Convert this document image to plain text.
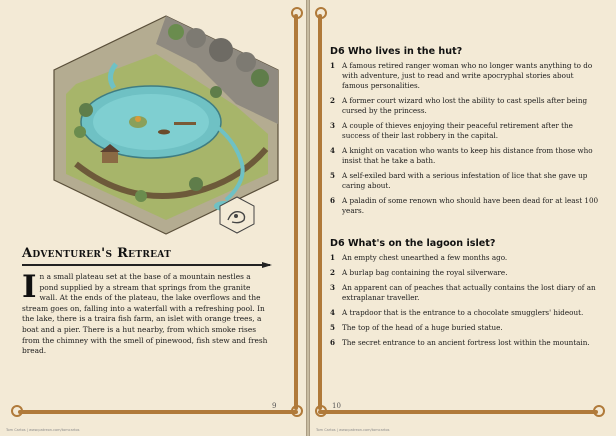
Adventurer's Retreat
In a small plateau set at the base of a mountain nestles a pond supplied by a stream that springs from the granite wall. At the ends of the plateau, the lake overflows and the stream goes on, falling into a waterfall with a refreshing pool. In the lake, there is a traira fish farm, an islet with orange trees, a boat and a pier. There is a hut nearby, from which smoke rises from the chimney with the smell of pinewood, fish stew and fresh bread.
9
Tom Cartos | www.patreon.com/tomcartos
D6 Who lives in the hut?
1 A famous retired ranger woman who no longer wants anything to do with adventure, just to read and write apocryphal stories about famous personalities.
2 A former court wizard who lost the ability to cast spells after being cursed by the princess.
3 A couple of thieves enjoying their peaceful retirement after the success of their last robbery in the capital.
4 A knight on vacation who wants to keep his distance from those who insist that he take a bath.
5 A self-exiled bard with a serious infestation of lice that she gave up caring about.
6 A paladin of some renown who should have been dead for at least 100 years.
D6 What's on the lagoon islet?
1 An empty chest unearthed a few months ago.
2 A burlap bag containing the royal silverware.
3 An apparent can of peaches that actually contains the lost diary of an extraplanar traveller.
4 A trapdoor that is the entrance to a chocolate smugglers' hideout.
5 The top of the head of a huge buried statue.
6 The secret entrance to an ancient fortress lost within the mountain.
10
Tom Cartos | www.patreon.com/tomcartos
